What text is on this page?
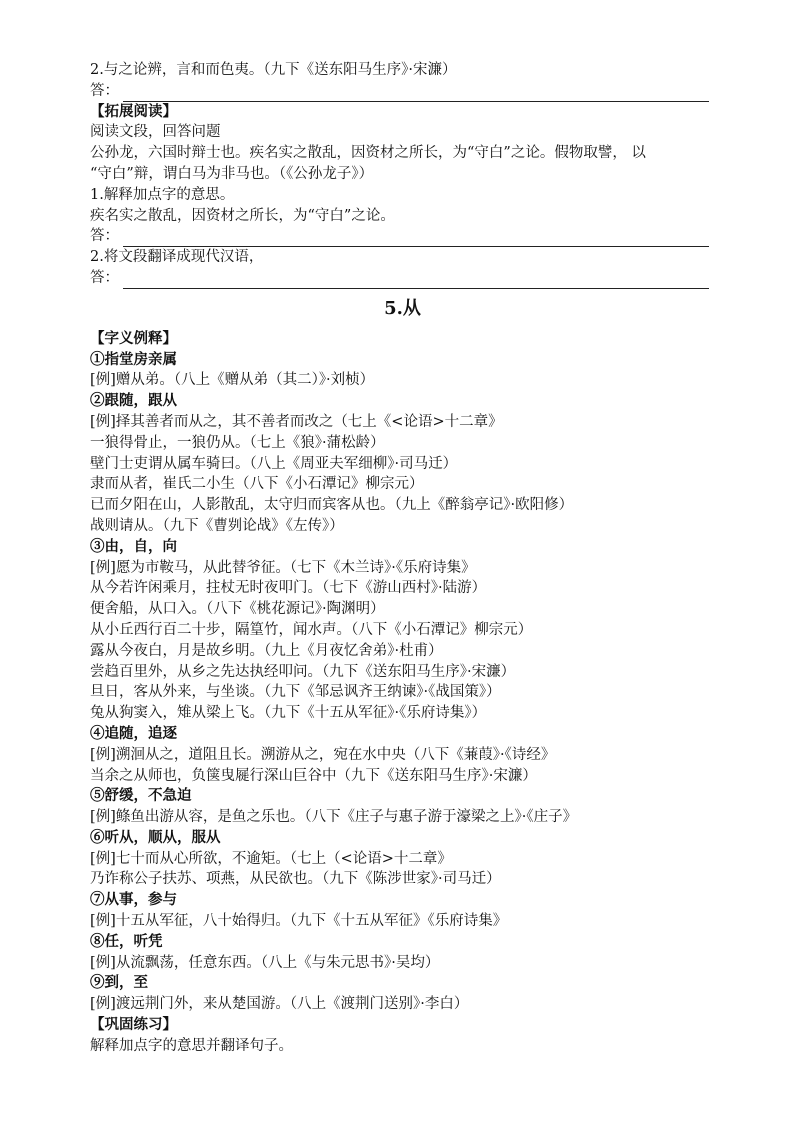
2.与之论辨，言和而色夷。（九下《送东阳马生序》·宋濂）
答：
【拓展阅读】
阅读文段，回答问题
公孙龙，六国时辩士也。疾名实之散乱，因资材之所长，为“守白”之论。假物取譬， 以
“守白”辩，谓白马为非马也。（《公孙龙子》）
1.解释加点字的意思。
疾名实之散乱，因资材之所长，为“守白”之论。
答：
2.将文段翻译成现代汉语，
答：
5.从
【字义例释】
①指堂房亲属
[例]赠从弟。（八上《赠从弟（其二）》·刘桢）
②跟随，跟从
[例]择其善者而从之，其不善者而改之（七上《<论语>十二章》
一狼得骨止，一狼仍从。（七上《狼》·蒲松龄）
壁门士吏谓从属车骑曰。（八上《周亚夫军细柳》·司马迁）
隶而从者，崔氏二小生（八下《小石潭记》柳宗元）
已而夕阳在山，人影散乱，太守归而宾客从也。（九上《醉翁亭记》·欧阳修）
战则请从。（九下《曹刿论战》《左传》）
③由，自，向
[例]愿为市鞍马，从此替爷征。（七下《木兰诗》·《乐府诗集》
从今若许闲乘月，拄杖无时夜叩门。（七下《游山西村》·陆游）
便舍船，从口入。（八下《桃花源记》·陶渊明）
从小丘西行百二十步，隔篁竹，闻水声。（八下《小石潭记》柳宗元）
露从今夜白，月是故乡明。（九上《月夜忆舍弟》·杜甫）
尝趋百里外，从乡之先达执经叩问。（九下《送东阳马生序》·宋濂）
旦日，客从外来，与坐谈。（九下《邹忌讽齐王纳谏》·《战国策》）
兔从狗窦入，雉从梁上飞。（九下《十五从军征》·《乐府诗集》）
④追随，追逐
[例]溯洄从之，道阻且长。溯游从之，宛在水中央（八下《蒹葭》·《诗经》
当余之从师也，负箧曳屣行深山巨谷中（九下《送东阳马生序》·宋濂）
⑤舒缓，不急迫
[例]鲦鱼出游从容，是鱼之乐也。（八下《庄子与惠子游于濠梁之上》·《庄子》
⑥听从，顺从，服从
[例]七十而从心所欲，不逾矩。（七上（<论语>十二章》
乃诈称公子扶苏、项燕，从民欲也。（九下《陈涉世家》·司马迁）
⑦从事，参与
[例]十五从军征，八十始得归。（九下《十五从军征》《乐府诗集》
⑧任，听凭
[例]从流飘荡，任意东西。（八上《与朱元思书》·吴均）
⑨到，至
[例]渡远荆门外，来从楚国游。（八上《渡荆门送别》·李白）
【巩固练习】
解释加点字的意思并翻译句子。
